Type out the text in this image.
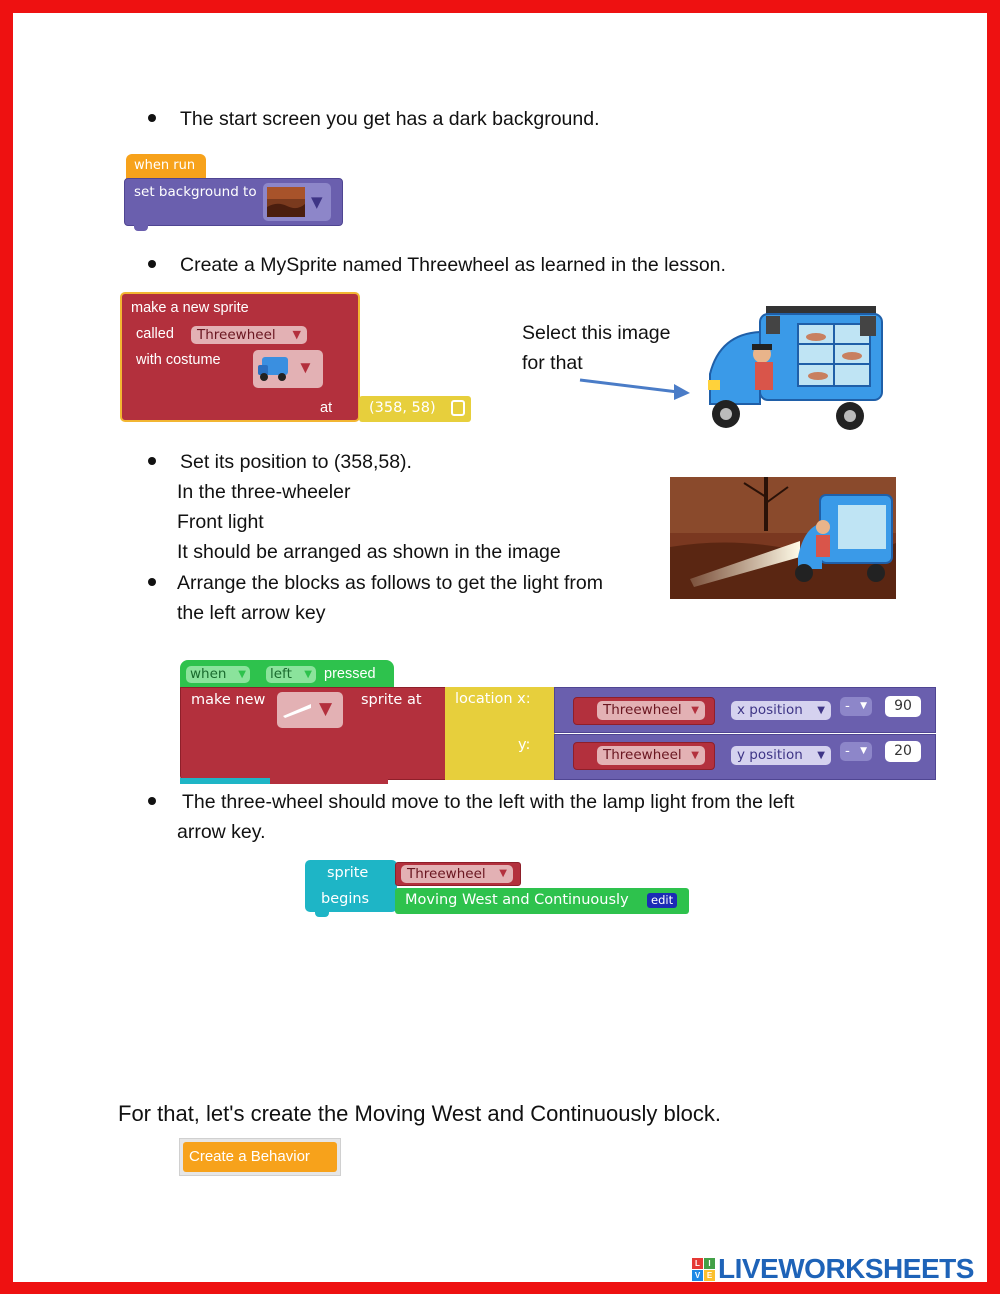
The start screen you get has a dark background.
when run
set background to
▼
Create a MySprite named Threewheel as learned in the lesson.
make a new sprite
called	Threewheel ▼
with costume	▼
at	(358, 58)
Select this image
for that
Set its position to (358,58).
In the three-wheeler
Front light
It should be arranged as shown in the image
Arrange the blocks as follows to get the light from
the left arrow key
when ▼ left ▼ pressed
make new	▼ sprite at location x:
y:
Threewheel ▼	x position ▼	- ▼	90
Threewheel ▼	y position ▼	- ▼	20
The three-wheel should move to the left with the lamp light from the left
arrow key.
sprite
begins
Threewheel ▼
Moving West and Continuously	edit
For that, let's create the Moving West and Continuously block.
Create a Behavior
L	I
V E LIVEWORKSHEETS
